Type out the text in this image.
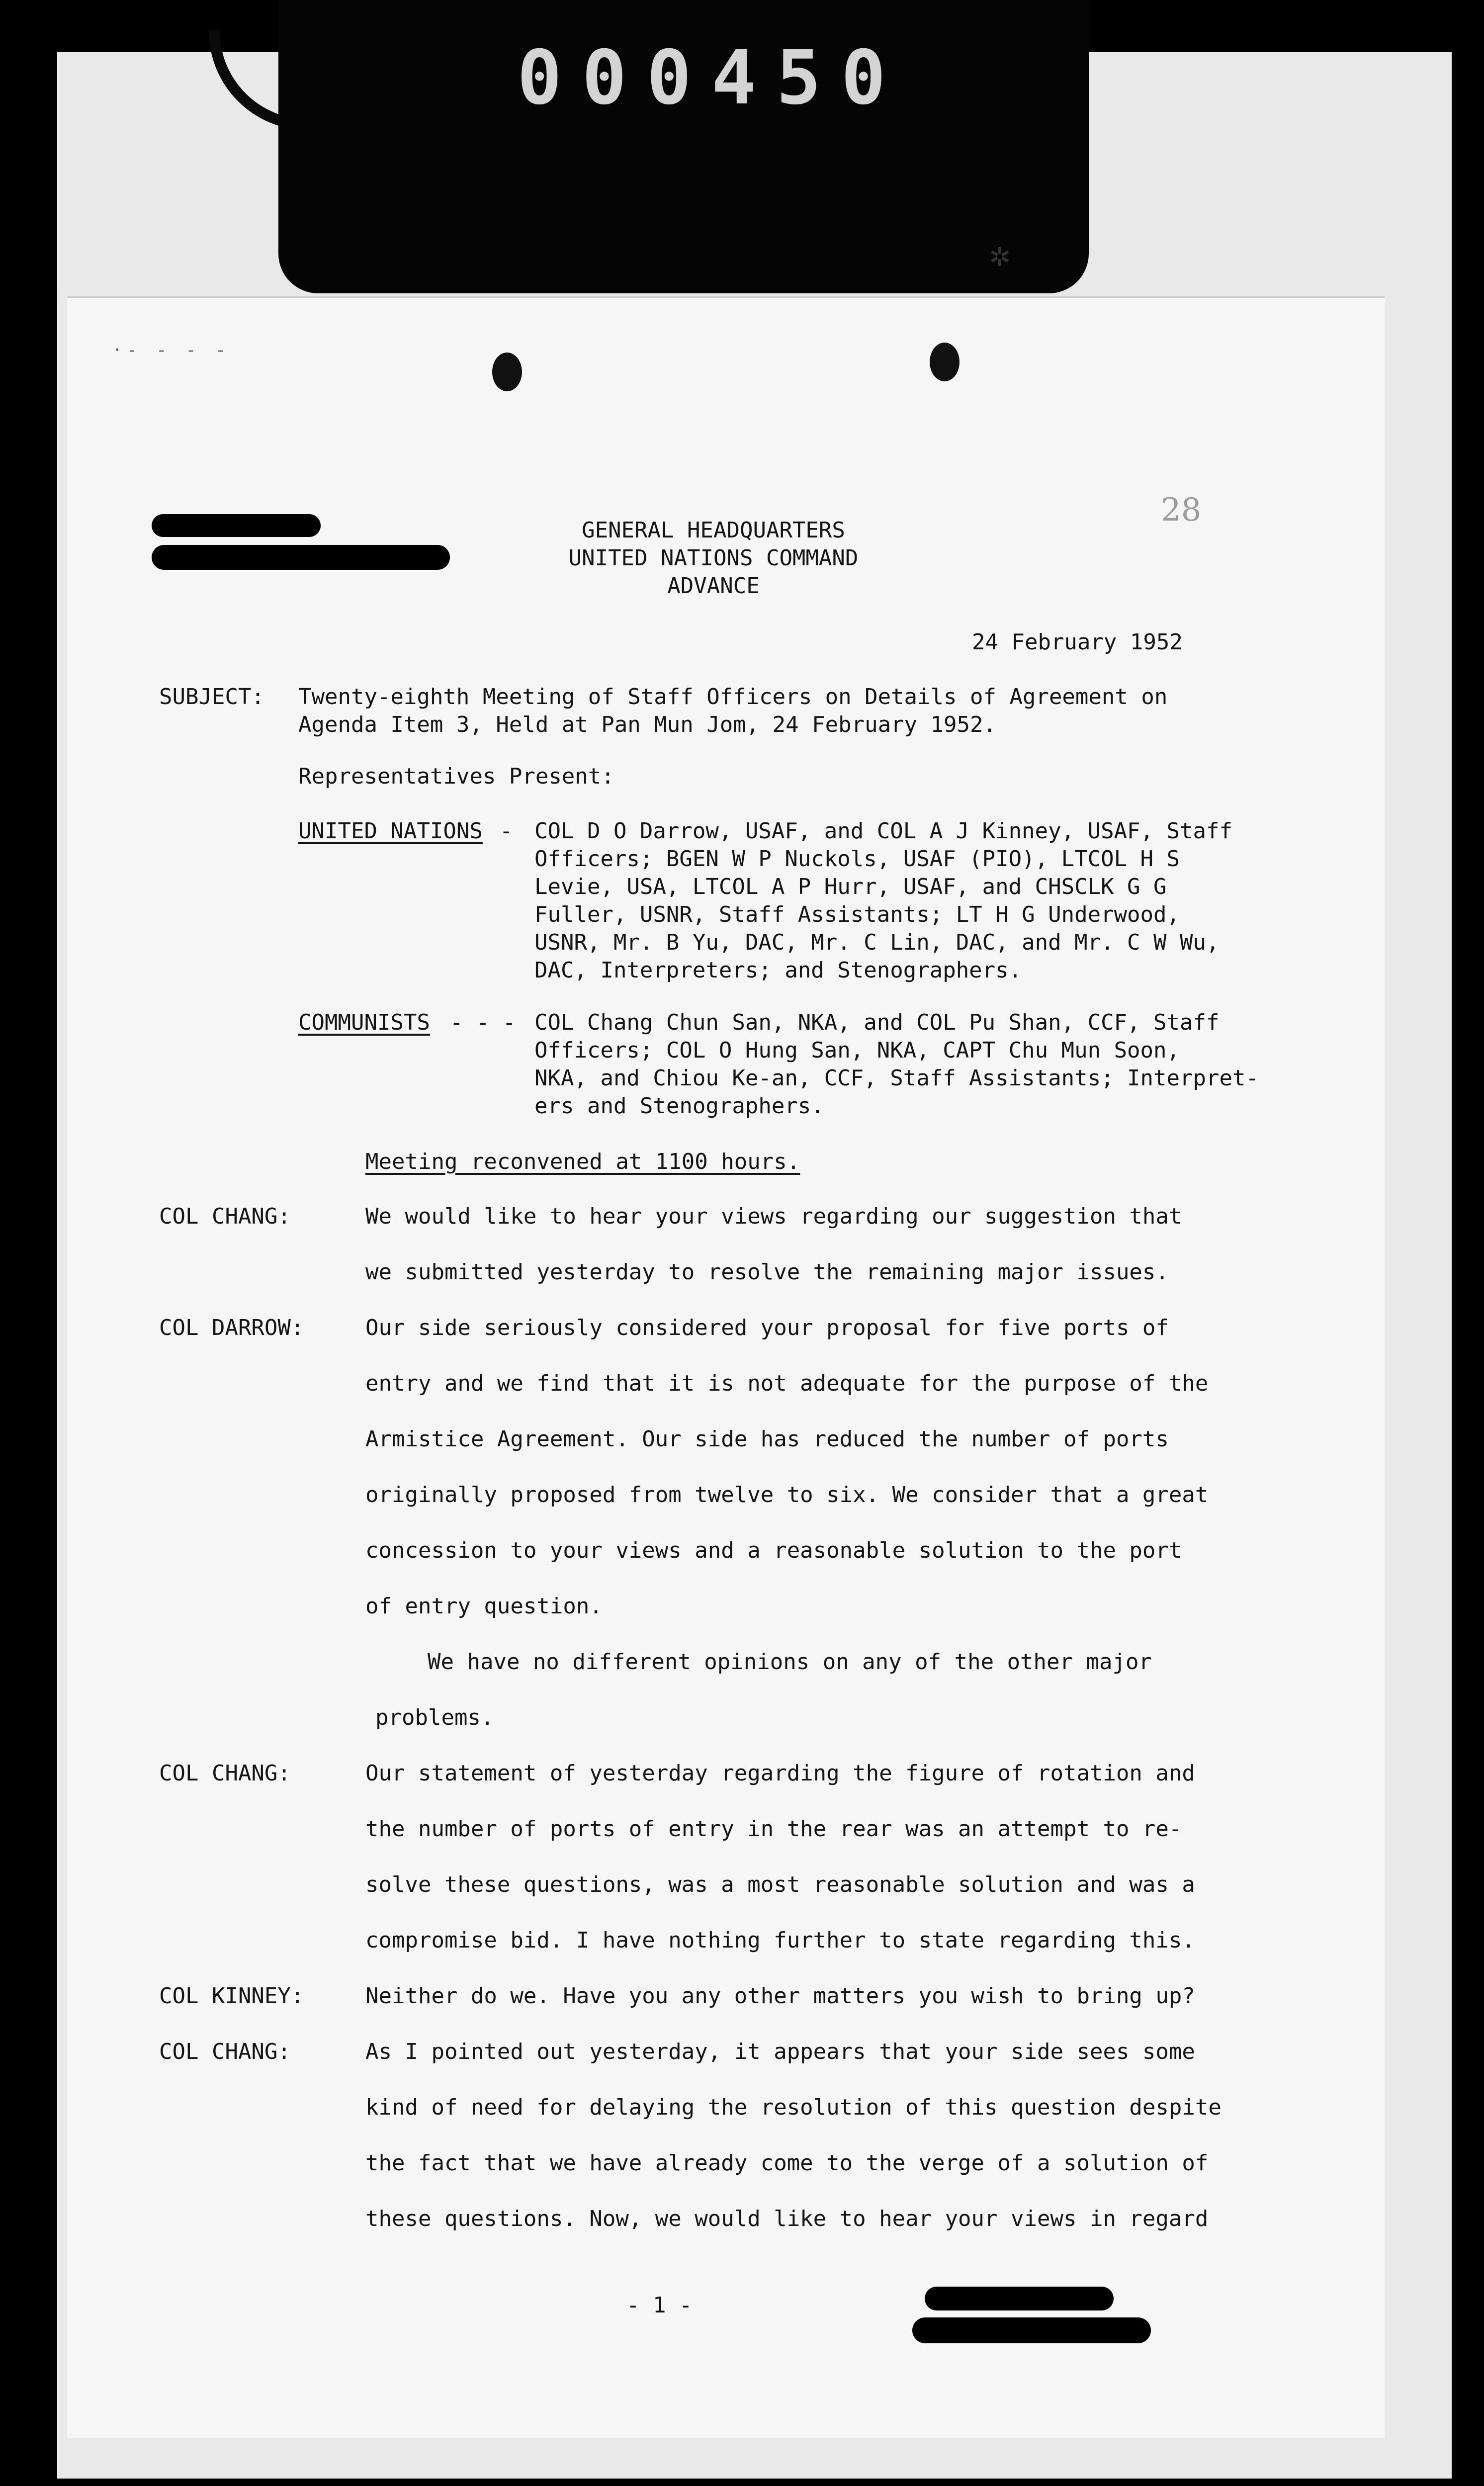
000450
✲
·- - - -
28
GENERAL HEADQUARTERS
UNITED NATIONS COMMAND
ADVANCE
24 February 1952
SUBJECT: Twenty-eighth Meeting of Staff Officers on Details of Agreement on
Agenda Item 3, Held at Pan Mun Jom, 24 February 1952.
Representatives Present:
UNITED NATIONS - COL D O Darrow, USAF, and COL A J Kinney, USAF, Staff
Officers; BGEN W P Nuckols, USAF (PIO), LTCOL H S
Levie, USA, LTCOL A P Hurr, USAF, and CHSCLK G G
Fuller, USNR, Staff Assistants; LT H G Underwood,
USNR, Mr. B Yu, DAC, Mr. C Lin, DAC, and Mr. C W Wu,
DAC, Interpreters; and Stenographers.
COMMUNISTS - - - COL Chang Chun San, NKA, and COL Pu Shan, CCF, Staff
Officers; COL O Hung San, NKA, CAPT Chu Mun Soon,
NKA, and Chiou Ke-an, CCF, Staff Assistants; Interpret-
ers and Stenographers.
Meeting reconvened at 1100 hours.
COL CHANG:	We would like to hear your views regarding our suggestion that
we submitted yesterday to resolve the remaining major issues.
COL DARROW:	Our side seriously considered your proposal for five ports of
entry and we find that it is not adequate for the purpose of the
Armistice Agreement. Our side has reduced the number of ports
originally proposed from twelve to six. We consider that a great
concession to your views and a reasonable solution to the port
of entry question.
We have no different opinions on any of the other major
problems.
COL CHANG:	Our statement of yesterday regarding the figure of rotation and
the number of ports of entry in the rear was an attempt to re-
solve these questions, was a most reasonable solution and was a
compromise bid. I have nothing further to state regarding this.
COL KINNEY:	Neither do we. Have you any other matters you wish to bring up?
COL CHANG:	As I pointed out yesterday, it appears that your side sees some
kind of need for delaying the resolution of this question despite
the fact that we have already come to the verge of a solution of
these questions. Now, we would like to hear your views in regard
- 1 -
